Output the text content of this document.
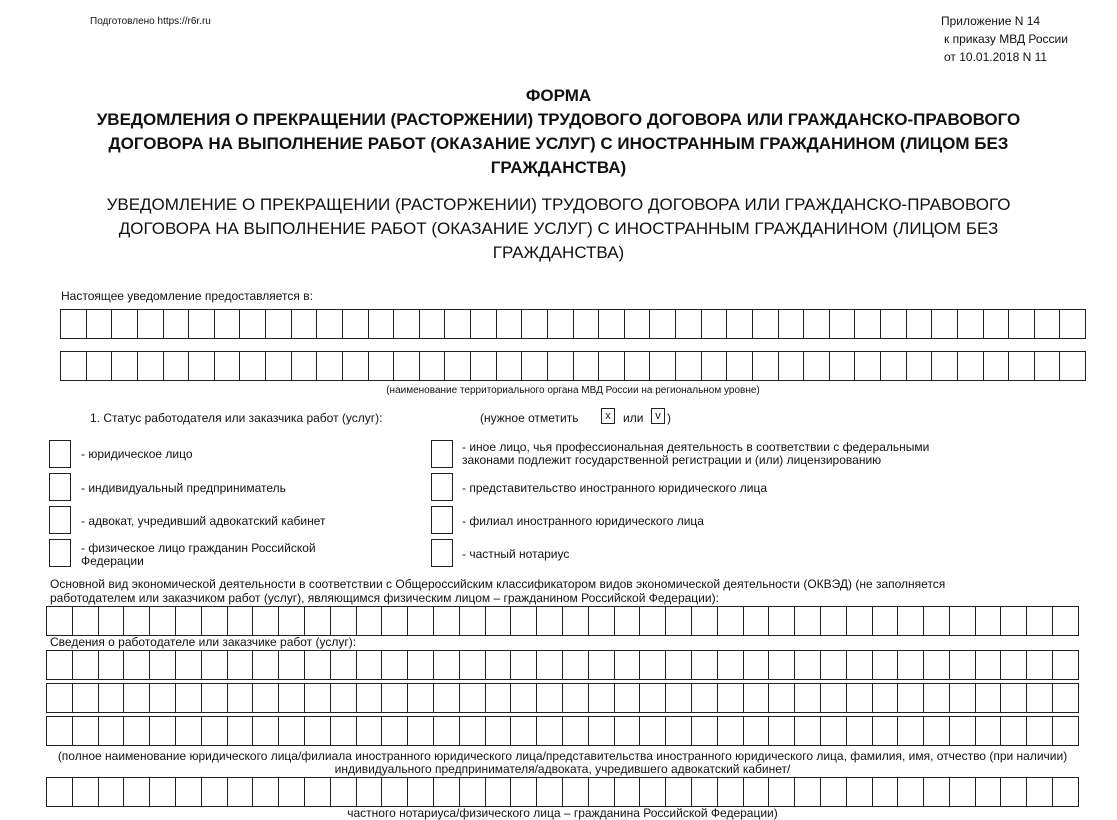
Подготовлено https://r6r.ru	Приложение N 14
к приказу МВД России
от 10.01.2018 N 11
ФОРМА
УВЕДОМЛЕНИЯ О ПРЕКРАЩЕНИИ (РАСТОРЖЕНИИ) ТРУДОВОГО ДОГОВОРА ИЛИ ГРАЖДАНСКО-ПРАВОВОГО
ДОГОВОРА НА ВЫПОЛНЕНИЕ РАБОТ (ОКАЗАНИЕ УСЛУГ) С ИНОСТРАННЫМ ГРАЖДАНИНОМ (ЛИЦОМ БЕЗ
ГРАЖДАНСТВА)
УВЕДОМЛЕНИЕ О ПРЕКРАЩЕНИИ (РАСТОРЖЕНИИ) ТРУДОВОГО ДОГОВОРА ИЛИ ГРАЖДАНСКО-ПРАВОВОГО
ДОГОВОРА НА ВЫПОЛНЕНИЕ РАБОТ (ОКАЗАНИЕ УСЛУГ) С ИНОСТРАННЫМ ГРАЖДАНИНОМ (ЛИЦОМ БЕЗ
ГРАЖДАНСТВА)
Настоящее уведомление предоставляется в:
(наименование территориального органа МВД России на региональном уровне)
1. Статус работодателя или заказчика работ (услуг):	(нужное отметить	x	или	v )
- юридическое лицо
- индивидуальный предприниматель
- адвокат, учредивший адвокатский кабинет
- физическое лицо гражданин Российской Федерации
- иное лицо, чья профессиональная деятельность в соответствии с федеральными законами подлежит государственной регистрации и (или) лицензированию
- представительство иностранного юридического лица
- филиал иностранного юридического лица
- частный нотариус
Основной вид экономической деятельности в соответствии с Общероссийским классификатором видов экономической деятельности (ОКВЭД) (не заполняется
работодателем или заказчиком работ (услуг), являющимся физическим лицом – гражданином Российской Федерации):
Сведения о работодателе или заказчике работ (услуг):
(полное наименование юридического лица/филиала иностранного юридического лица/представительства иностранного юридического лица, фамилия, имя, отчество (при наличии)
индивидуального предпринимателя/адвоката, учредившего адвокатский кабинет/
частного нотариуса/физического лица – гражданина Российской Федерации)
